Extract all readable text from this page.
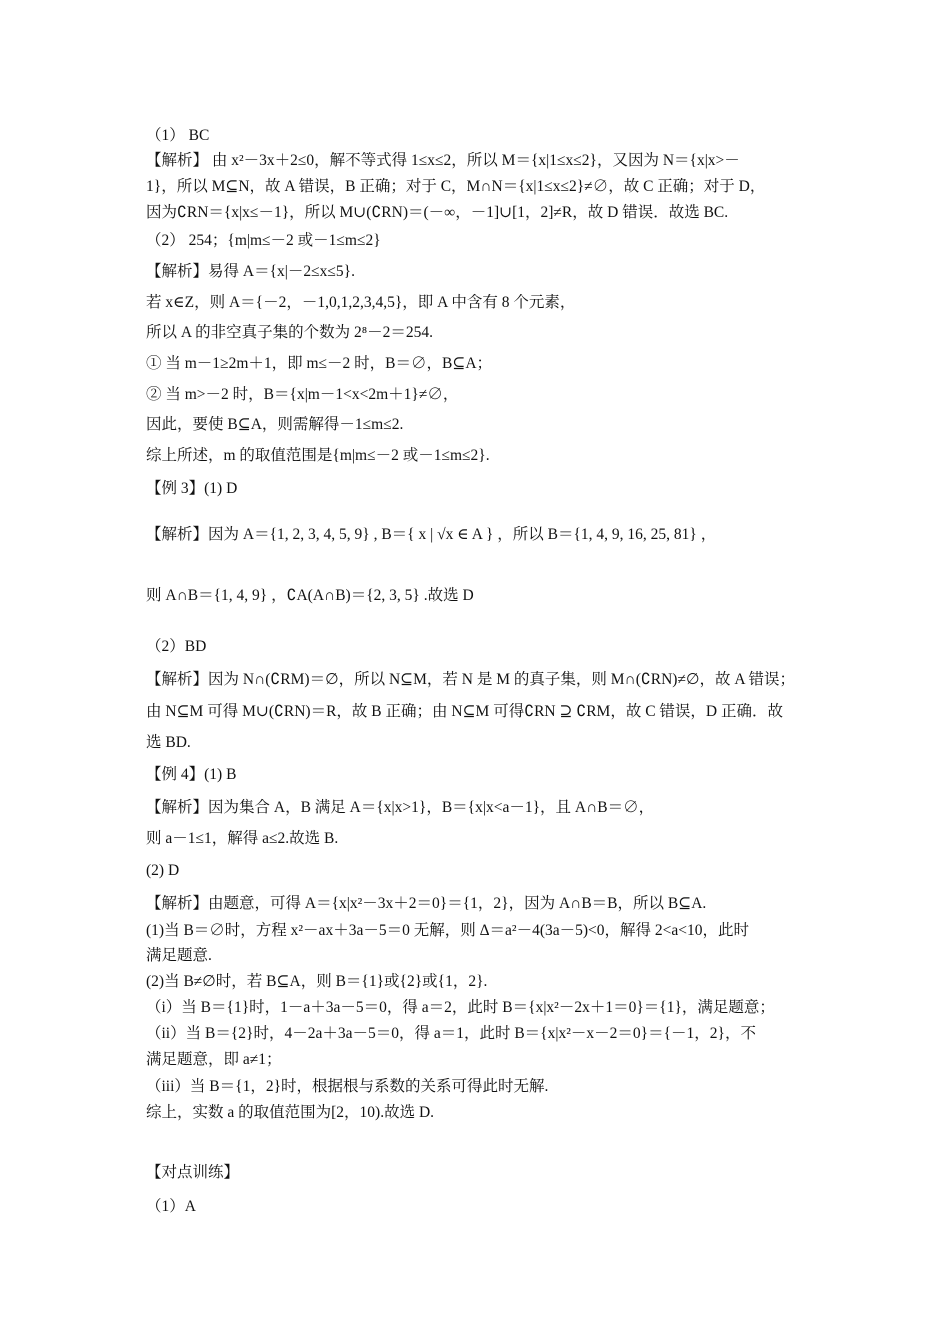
（1） BC
【解析】 由 x²－3x＋2≤0，解不等式得 1≤x≤2，所以 M＝{x|1≤x≤2}，又因为 N＝{x|x>－
1}，所以 M⊆N，故 A 错误，B 正确；对于 C，M∩N＝{x|1≤x≤2}≠∅，故 C 正确；对于 D，
因为∁RN＝{x|x≤－1}，所以 M∪(∁RN)＝(－∞，－1]∪[1，2]≠R，故 D 错误．故选 BC.
（2） 254；{m|m≤－2 或－1≤m≤2}
【解析】易得 A＝{x|－2≤x≤5}.
若 x∈Z，则 A＝{－2，－1,0,1,2,3,4,5}，即 A 中含有 8 个元素，
所以 A 的非空真子集的个数为 2⁸－2＝254.
① 当 m－1≥2m＋1，即 m≤－2 时，B＝∅，B⊆A；
② 当 m>－2 时，B＝{x|m－1<x<2m＋1}≠∅，
因此，要使 B⊆A，则需解得－1≤m≤2.
综上所述，m 的取值范围是{m|m≤－2 或－1≤m≤2}.
【例 3】(1) D
【解析】因为 A＝{1, 2, 3, 4, 5, 9} , B＝{ x | √x ∈ A } ，所以 B＝{1, 4, 9, 16, 25, 81} ，
则 A∩B＝{1, 4, 9} ，∁A(A∩B)＝{2, 3, 5} .故选 D
（2）BD
【解析】因为 N∩(∁RM)＝∅，所以 N⊆M，若 N 是 M 的真子集，则 M∩(∁RN)≠∅，故 A 错误；
由 N⊆M 可得 M∪(∁RN)＝R，故 B 正确；由 N⊆M 可得∁RN ⊇ ∁RM，故 C 错误，D 正确．故
选 BD.
【例 4】(1) B
【解析】因为集合 A，B 满足 A＝{x|x>1}，B＝{x|x<a－1}，且 A∩B＝∅，
则 a－1≤1，解得 a≤2.故选 B.
(2) D
【解析】由题意，可得 A＝{x|x²－3x＋2＝0}＝{1，2}，因为 A∩B＝B，所以 B⊆A.
(1)当 B＝∅时，方程 x²－ax＋3a－5＝0 无解，则 Δ＝a²－4(3a－5)<0，解得 2<a<10，此时
满足题意.
(2)当 B≠∅时，若 B⊆A，则 B＝{1}或{2}或{1，2}.
（i）当 B＝{1}时，1－a＋3a－5＝0，得 a＝2，此时 B＝{x|x²－2x＋1＝0}＝{1}，满足题意；
（ii）当 B＝{2}时，4－2a＋3a－5＝0，得 a＝1，此时 B＝{x|x²－x－2＝0}＝{－1，2}，不
满足题意，即 a≠1；
（iii）当 B＝{1，2}时，根据根与系数的关系可得此时无解.
综上，实数 a 的取值范围为[2，10).故选 D.
【对点训练】
（1）A
